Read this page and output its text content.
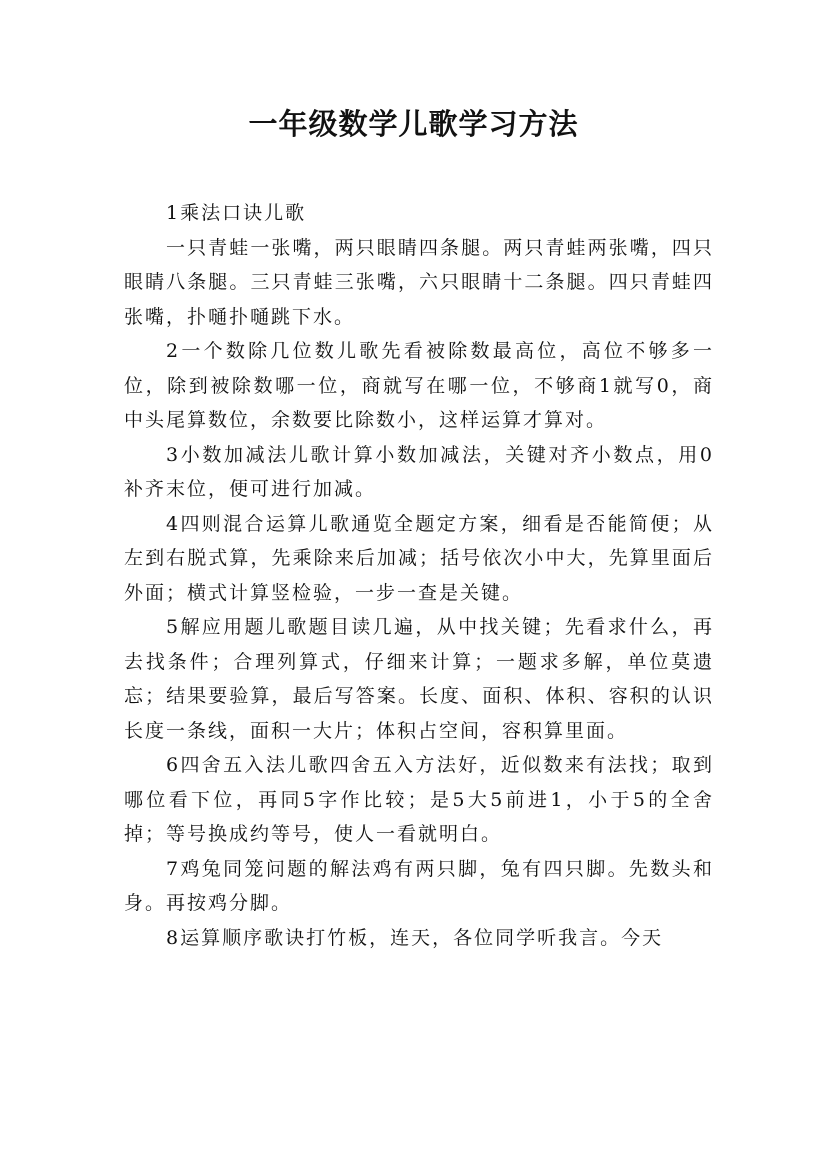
一年级数学儿歌学习方法

1乘法口诀儿歌

一只青蛙一张嘴，两只眼睛四条腿。两只青蛙两张嘴，四只眼睛八条腿。三只青蛙三张嘴，六只眼睛十二条腿。四只青蛙四张嘴，扑嗵扑嗵跳下水。

2一个数除几位数儿歌先看被除数最高位，高位不够多一位，除到被除数哪一位，商就写在哪一位，不够商1就写0，商中头尾算数位，余数要比除数小，这样运算才算对。

3小数加减法儿歌计算小数加减法，关键对齐小数点，用0补齐末位，便可进行加减。

4四则混合运算儿歌通览全题定方案，细看是否能简便；从左到右脱式算，先乘除来后加减；括号依次小中大，先算里面后外面；横式计算竖检验，一步一查是关键。

5解应用题儿歌题目读几遍，从中找关键；先看求什么，再去找条件；合理列算式，仔细来计算；一题求多解，单位莫遗忘；结果要验算，最后写答案。长度、面积、体积、容积的认识长度一条线，面积一大片；体积占空间，容积算里面。

6四舍五入法儿歌四舍五入方法好，近似数来有法找；取到哪位看下位，再同5字作比较；是5大5前进1，小于5的全舍掉；等号换成约等号，使人一看就明白。

7鸡兔同笼问题的解法鸡有两只脚，兔有四只脚。先数头和身。再按鸡分脚。

8运算顺序歌诀打竹板，连天，各位同学听我言。今天
